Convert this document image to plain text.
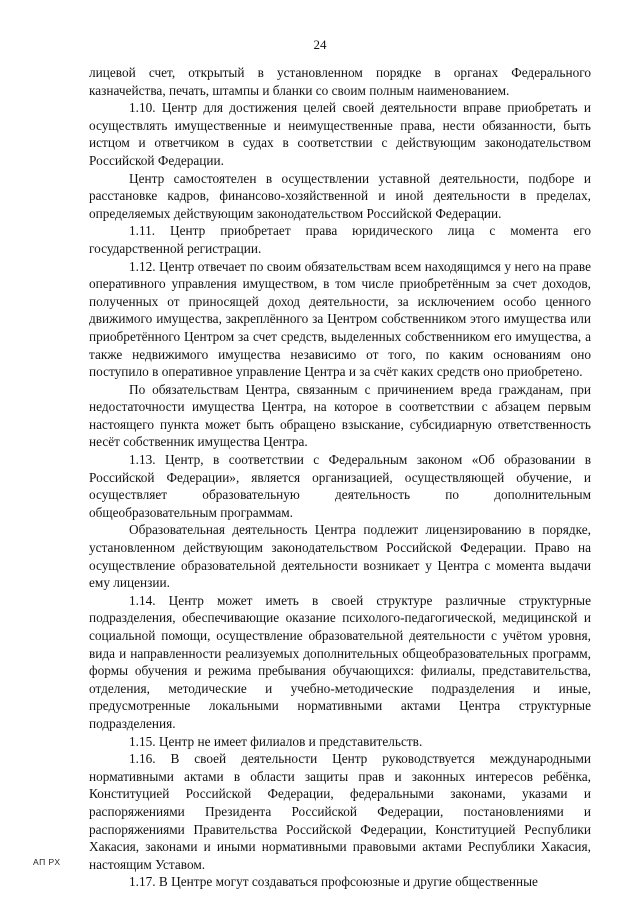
24

лицевой счет, открытый в установленном порядке в органах Федерального казначейства, печать, штампы и бланки со своим полным наименованием.

1.10. Центр для достижения целей своей деятельности вправе приобретать и осуществлять имущественные и неимущественные права, нести обязанности, быть истцом и ответчиком в судах в соответствии с действующим законодательством Российской Федерации.

Центр самостоятелен в осуществлении уставной деятельности, подборе и расстановке кадров, финансово-хозяйственной и иной деятельности в пределах, определяемых действующим законодательством Российской Федерации.

1.11. Центр приобретает права юридического лица с момента его государственной регистрации.

1.12. Центр отвечает по своим обязательствам всем находящимся у него на праве оперативного управления имуществом, в том числе приобретённым за счет доходов, полученных от приносящей доход деятельности, за исключением особо ценного движимого имущества, закреплённого за Центром собственником этого имущества или приобретённого Центром за счет средств, выделенных собственником его имущества, а также недвижимого имущества независимо от того, по каким основаниям оно поступило в оперативное управление Центра и за счёт каких средств оно приобретено.

По обязательствам Центра, связанным с причинением вреда гражданам, при недостаточности имущества Центра, на которое в соответствии с абзацем первым настоящего пункта может быть обращено взыскание, субсидиарную ответственность несёт собственник имущества Центра.

1.13. Центр, в соответствии с Федеральным законом «Об образовании в Российской Федерации», является организацией, осуществляющей обучение, и осуществляет образовательную деятельность по дополнительным общеобразовательным программам.

Образовательная деятельность Центра подлежит лицензированию в порядке, установленном действующим законодательством Российской Федерации. Право на осуществление образовательной деятельности возникает у Центра с момента выдачи ему лицензии.

1.14. Центр может иметь в своей структуре различные структурные подразделения, обеспечивающие оказание психолого-педагогической, медицинской и социальной помощи, осуществление образовательной деятельности с учётом уровня, вида и направленности реализуемых дополнительных общеобразовательных программ, формы обучения и режима пребывания обучающихся: филиалы, представительства, отделения, методические и учебно-методические подразделения и иные, предусмотренные локальными нормативными актами Центра структурные подразделения.

1.15. Центр не имеет филиалов и представительств.

1.16. В своей деятельности Центр руководствуется международными нормативными актами в области защиты прав и законных интересов ребёнка, Конституцией Российской Федерации, федеральными законами, указами и распоряжениями Президента Российской Федерации, постановлениями и распоряжениями Правительства Российской Федерации, Конституцией Республики Хакасия, законами и иными нормативными правовыми актами Республики Хакасия, настоящим Уставом.

1.17. В Центре могут создаваться профсоюзные и другие общественные

АП РХ
